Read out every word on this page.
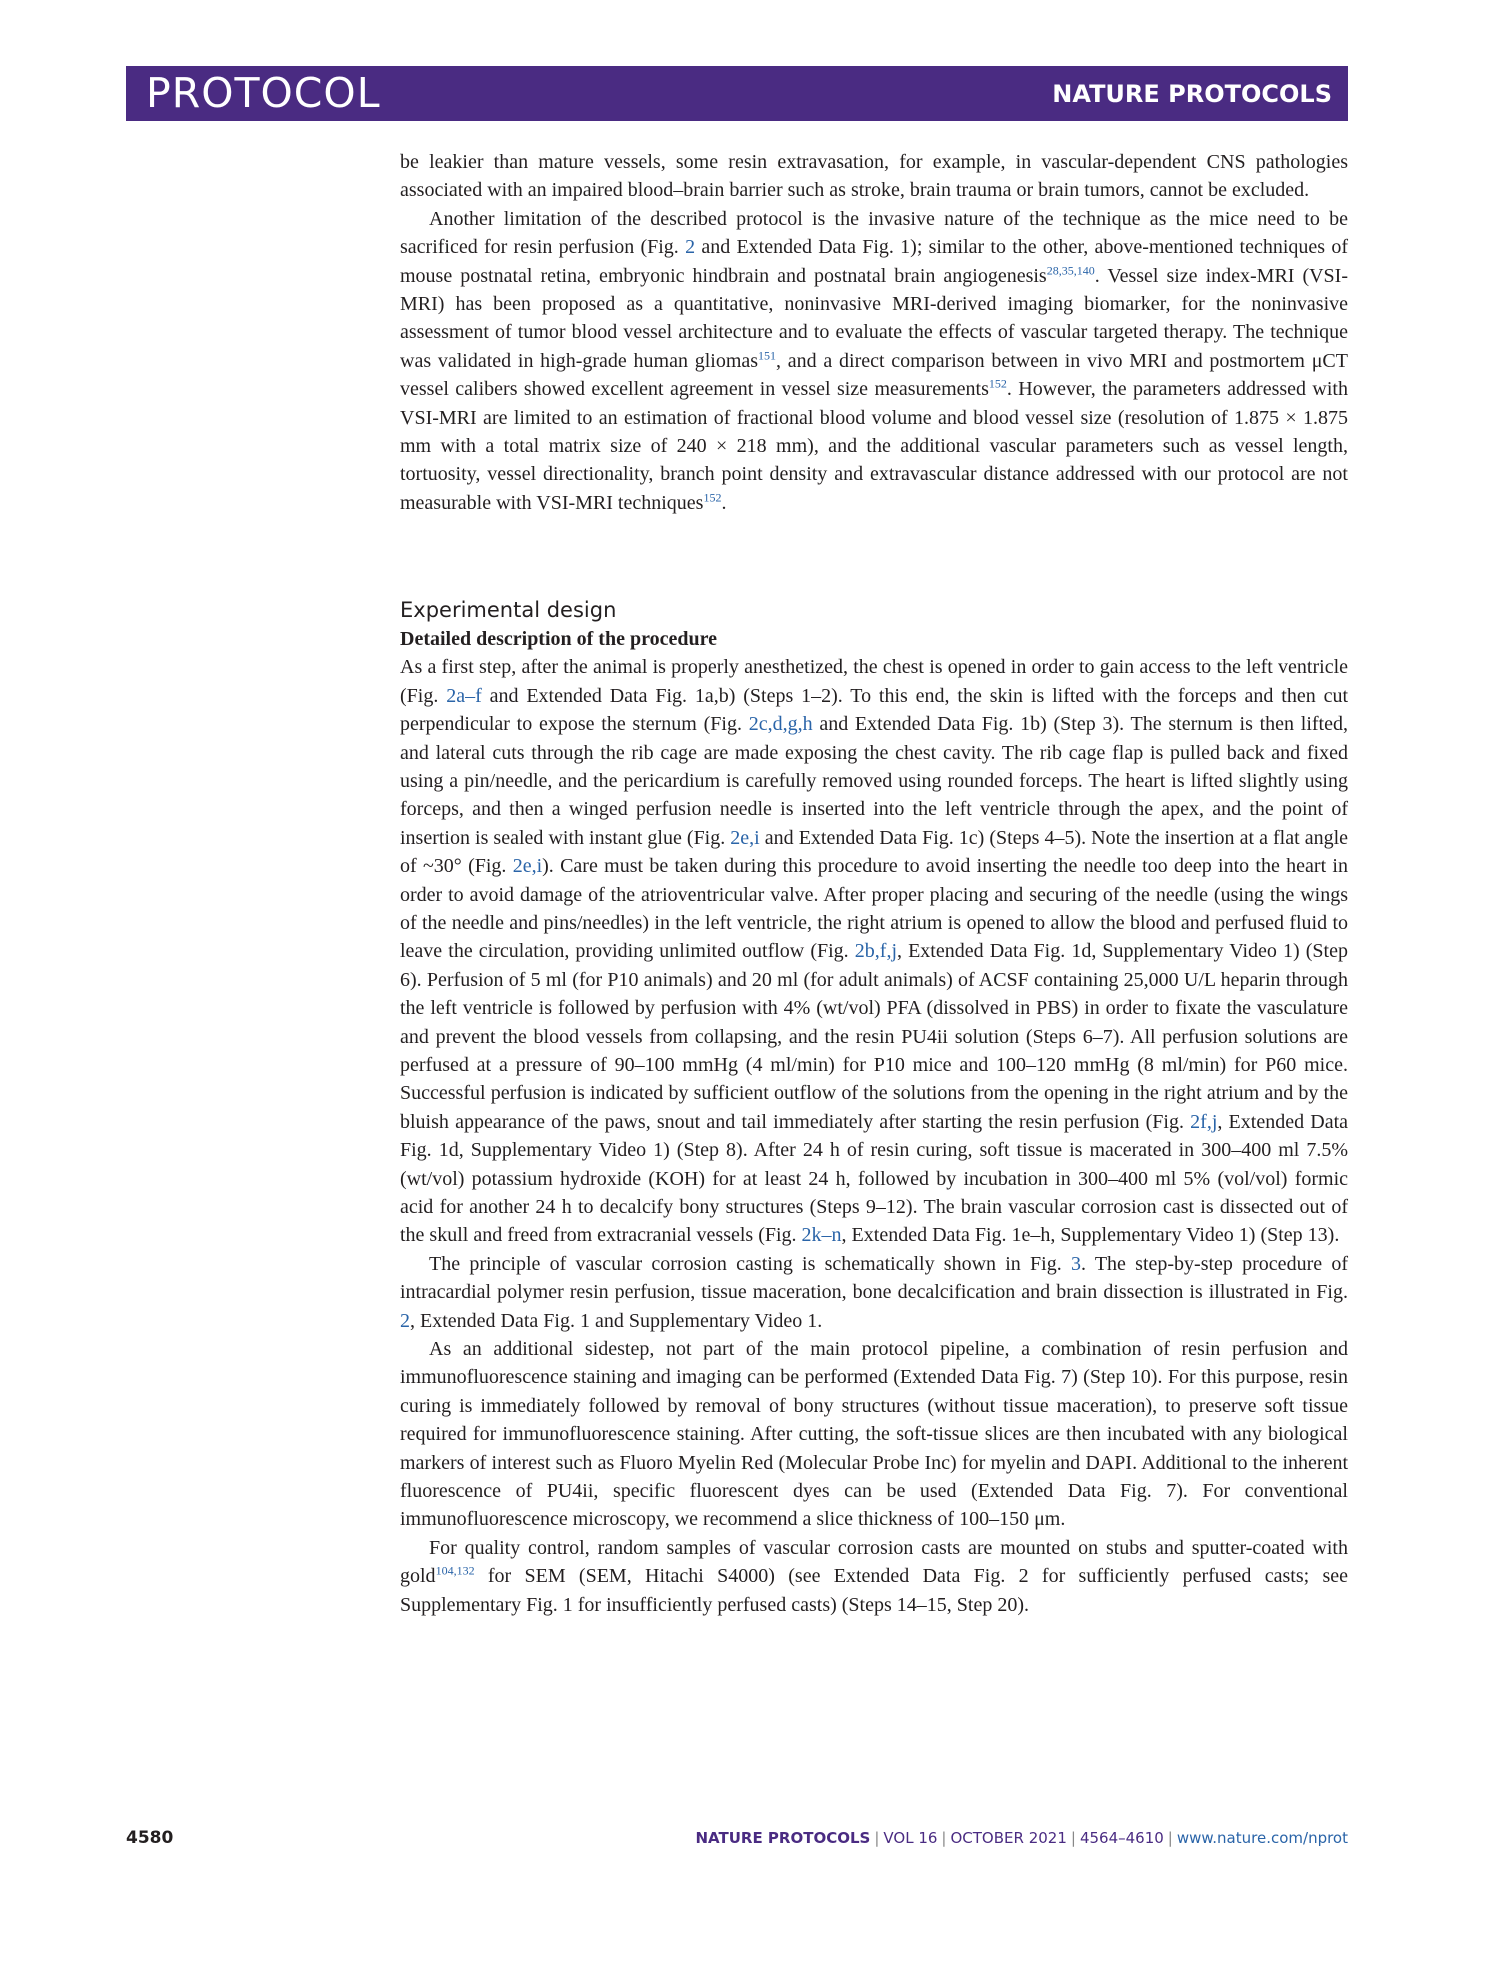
PROTOCOL	NATURE PROTOCOLS

be leakier than mature vessels, some resin extravasation, for example, in vascular-dependent CNS pathologies associated with an impaired blood–brain barrier such as stroke, brain trauma or brain tumors, cannot be excluded.

Another limitation of the described protocol is the invasive nature of the technique as the mice need to be sacrificed for resin perfusion (Fig. 2 and Extended Data Fig. 1); similar to the other, above-mentioned techniques of mouse postnatal retina, embryonic hindbrain and postnatal brain angiogenesis$^{28,35,140}$. Vessel size index-MRI (VSI-MRI) has been proposed as a quantitative, noninvasive MRI-derived imaging biomarker, for the noninvasive assessment of tumor blood vessel architecture and to evaluate the effects of vascular targeted therapy. The technique was validated in high-grade human gliomas$^{151}$, and a direct comparison between in vivo MRI and postmortem μCT vessel calibers showed excellent agreement in vessel size measurements$^{152}$. However, the parameters addressed with VSI-MRI are limited to an estimation of fractional blood volume and blood vessel size (resolution of 1.875 × 1.875 mm with a total matrix size of 240 × 218 mm), and the additional vascular parameters such as vessel length, tortuosity, vessel directionality, branch point density and extravascular distance addressed with our protocol are not measurable with VSI-MRI techniques$^{152}$.

Experimental design
Detailed description of the procedure

As a first step, after the animal is properly anesthetized, the chest is opened in order to gain access to the left ventricle (Fig. 2a–f and Extended Data Fig. 1a,b) (Steps 1–2). To this end, the skin is lifted with the forceps and then cut perpendicular to expose the sternum (Fig. 2c,d,g,h and Extended Data Fig. 1b) (Step 3). The sternum is then lifted, and lateral cuts through the rib cage are made exposing the chest cavity. The rib cage flap is pulled back and fixed using a pin/needle, and the pericardium is carefully removed using rounded forceps. The heart is lifted slightly using forceps, and then a winged perfusion needle is inserted into the left ventricle through the apex, and the point of insertion is sealed with instant glue (Fig. 2e,i and Extended Data Fig. 1c) (Steps 4–5). Note the insertion at a flat angle of ~30° (Fig. 2e,i). Care must be taken during this procedure to avoid inserting the needle too deep into the heart in order to avoid damage of the atrioventricular valve. After proper placing and securing of the needle (using the wings of the needle and pins/needles) in the left ventricle, the right atrium is opened to allow the blood and perfused fluid to leave the circulation, providing unlimited outflow (Fig. 2b,f,j, Extended Data Fig. 1d, Supplementary Video 1) (Step 6). Perfusion of 5 ml (for P10 animals) and 20 ml (for adult animals) of ACSF containing 25,000 U/L heparin through the left ventricle is followed by perfusion with 4% (wt/vol) PFA (dissolved in PBS) in order to fixate the vasculature and prevent the blood vessels from collapsing, and the resin PU4ii solution (Steps 6–7). All perfusion solutions are perfused at a pressure of 90–100 mmHg (4 ml/min) for P10 mice and 100–120 mmHg (8 ml/min) for P60 mice. Successful perfusion is indicated by sufficient outflow of the solutions from the opening in the right atrium and by the bluish appearance of the paws, snout and tail immediately after starting the resin perfusion (Fig. 2f,j, Extended Data Fig. 1d, Supplementary Video 1) (Step 8). After 24 h of resin curing, soft tissue is macerated in 300–400 ml 7.5% (wt/vol) potassium hydroxide (KOH) for at least 24 h, followed by incubation in 300–400 ml 5% (vol/vol) formic acid for another 24 h to decalcify bony structures (Steps 9–12). The brain vascular corrosion cast is dissected out of the skull and freed from extracranial vessels (Fig. 2k–n, Extended Data Fig. 1e–h, Supplementary Video 1) (Step 13).

The principle of vascular corrosion casting is schematically shown in Fig. 3. The step-by-step procedure of intracardial polymer resin perfusion, tissue maceration, bone decalcification and brain dissection is illustrated in Fig. 2, Extended Data Fig. 1 and Supplementary Video 1.

As an additional sidestep, not part of the main protocol pipeline, a combination of resin perfusion and immunofluorescence staining and imaging can be performed (Extended Data Fig. 7) (Step 10). For this purpose, resin curing is immediately followed by removal of bony structures (without tissue maceration), to preserve soft tissue required for immunofluorescence staining. After cutting, the soft-tissue slices are then incubated with any biological markers of interest such as Fluoro Myelin Red (Molecular Probe Inc) for myelin and DAPI. Additional to the inherent fluorescence of PU4ii, specific fluorescent dyes can be used (Extended Data Fig. 7). For conventional immunofluorescence microscopy, we recommend a slice thickness of 100–150 μm.

For quality control, random samples of vascular corrosion casts are mounted on stubs and sputter-coated with gold$^{104,132}$ for SEM (SEM, Hitachi S4000) (see Extended Data Fig. 2 for sufficiently perfused casts; see Supplementary Fig. 1 for insufficiently perfused casts) (Steps 14–15, Step 20).

4580	NATURE PROTOCOLS | VOL 16 | OCTOBER 2021 | 4564–4610 | www.nature.com/nprot
